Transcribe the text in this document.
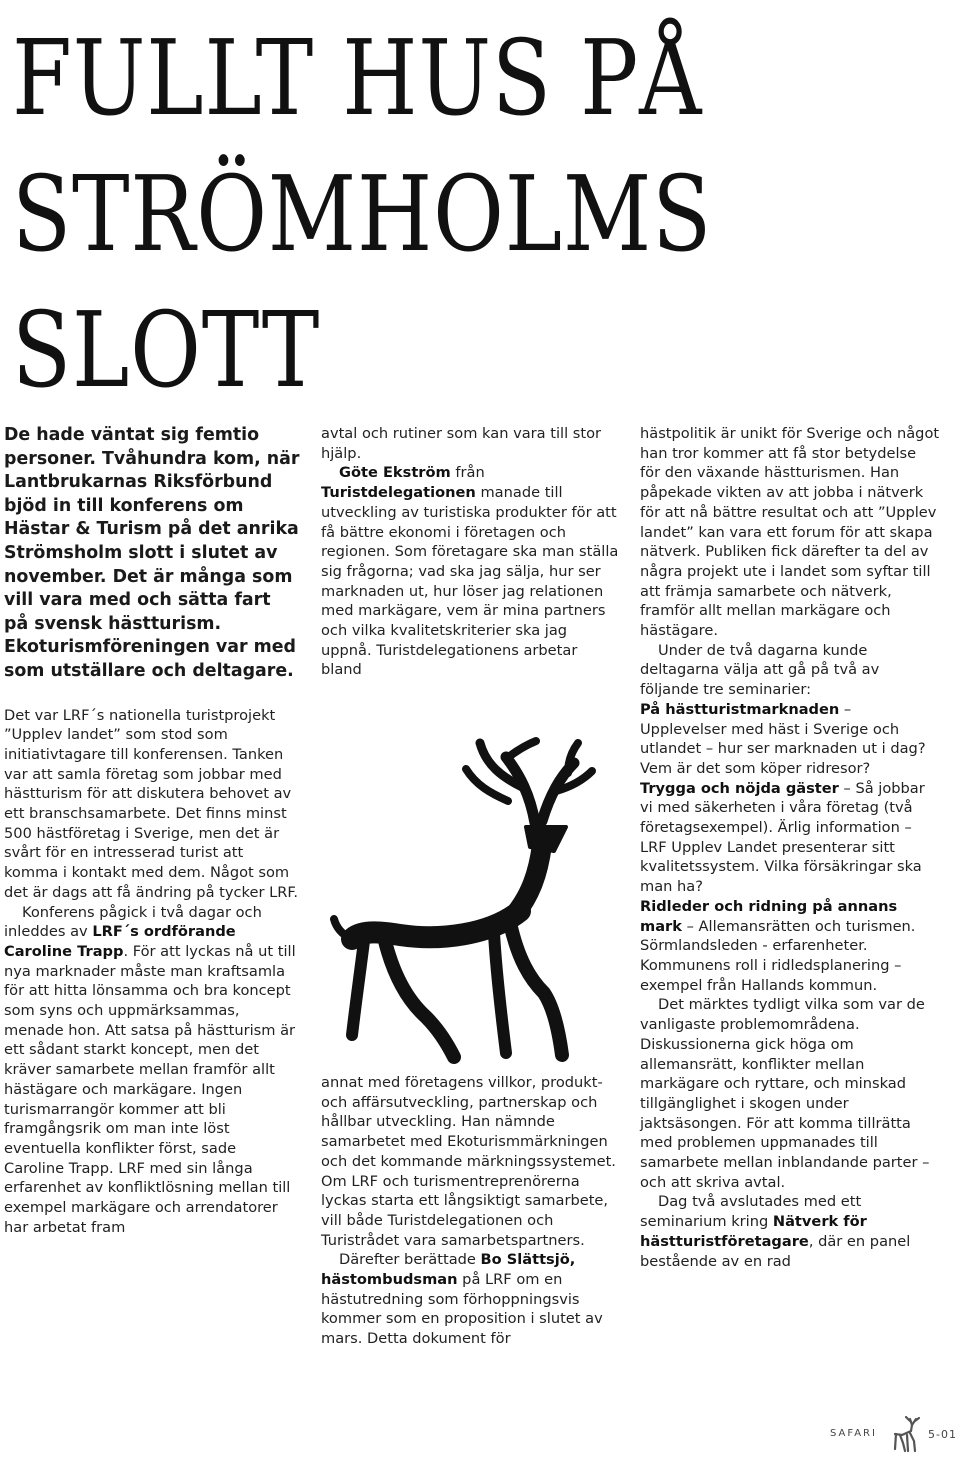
FULLT HUS PÅ
STRÖMHOLMS
SLOTT

De hade väntat sig femtio personer. Tvåhundra kom, när Lantbrukarnas Riksförbund bjöd in till konferens om Hästar & Turism på det anrika Strömsholm slott i slutet av november. Det är många som vill vara med och sätta fart på svensk hästturism. Ekoturismföreningen var med som utställare och deltagare.

Det var LRF´s nationella turistprojekt ”Upplev landet” som stod som initiativtagare till konferensen. Tanken var att samla företag som jobbar med hästturism för att diskutera behovet av ett branschsamarbete. Det finns minst 500 hästföretag i Sverige, men det är svårt för en intresserad turist att komma i kontakt med dem. Något som det är dags att få ändring på tycker LRF.

Konferens pågick i två dagar och inleddes av LRF´s ordförande Caroline Trapp. För att lyckas nå ut till nya marknader måste man kraftsamla för att hitta lönsamma och bra koncept som syns och uppmärksammas, menade hon. Att satsa på hästturism är ett sådant starkt koncept, men det kräver samarbete mellan framför allt hästägare och markägare. Ingen turismarrangör kommer att bli framgångsrik om man inte löst eventuella konflikter först, sade Caroline Trapp. LRF med sin långa erfarenhet av konfliktlösning mellan till exempel markägare och arrendatorer har arbetat fram

avtal och rutiner som kan vara till stor hjälp.

Göte Ekström från Turistdelegationen manade till utveckling av turistiska produkter för att få bättre ekonomi i företagen och regionen. Som företagare ska man ställa sig frågorna; vad ska jag sälja, hur ser marknaden ut, hur löser jag relationen med markägare, vem är mina partners och vilka kvalitetskriterier ska jag uppnå. Turistdelegationens arbetar bland

annat med företagens villkor, produkt- och affärsutveckling, partnerskap och hållbar utveckling. Han nämnde samarbetet med Ekoturismmärkningen och det kommande märkningssystemet. Om LRF och turismentreprenörerna lyckas starta ett långsiktigt samarbete, vill både Turistdelegationen och Turistrådet vara samarbetspartners.

Därefter berättade Bo Slättsjö, hästombudsman på LRF om en hästutredning som förhoppningsvis kommer som en proposition i slutet av mars. Detta dokument för

hästpolitik är unikt för Sverige och något han tror kommer att få stor betydelse för den växande hästturismen. Han påpekade vikten av att jobba i nätverk för att nå bättre resultat och att ”Upplev landet” kan vara ett forum för att skapa nätverk. Publiken fick därefter ta del av några projekt ute i landet som syftar till att främja samarbete och nätverk, framför allt mellan markägare och hästägare.

Under de två dagarna kunde deltagarna välja att gå på två av följande tre seminarier:

På hästturistmarknaden – Upplevelser med häst i Sverige och utlandet – hur ser marknaden ut i dag? Vem är det som köper ridresor?

Trygga och nöjda gäster – Så jobbar vi med säkerheten i våra företag (två företagsexempel). Ärlig information – LRF Upplev Landet presenterar sitt kvalitetssystem. Vilka försäkringar ska man ha?

Ridleder och ridning på annans mark – Allemansrätten och turismen. Sörmlandsleden - erfarenheter. Kommunens roll i ridledsplanering – exempel från Hallands kommun.

Det märktes tydligt vilka som var de vanligaste problemområdena. Diskussionerna gick höga om allemansrätt, konflikter mellan markägare och ryttare, och minskad tillgänglighet i skogen under jaktsäsongen. För att komma tillrätta med problemen uppmanades till samarbete mellan inblandande parter – och att skriva avtal.

Dag två avslutades med ett seminarium kring Nätverk för hästturistföretagare, där en panel bestående av en rad

SAFARI	5-01
